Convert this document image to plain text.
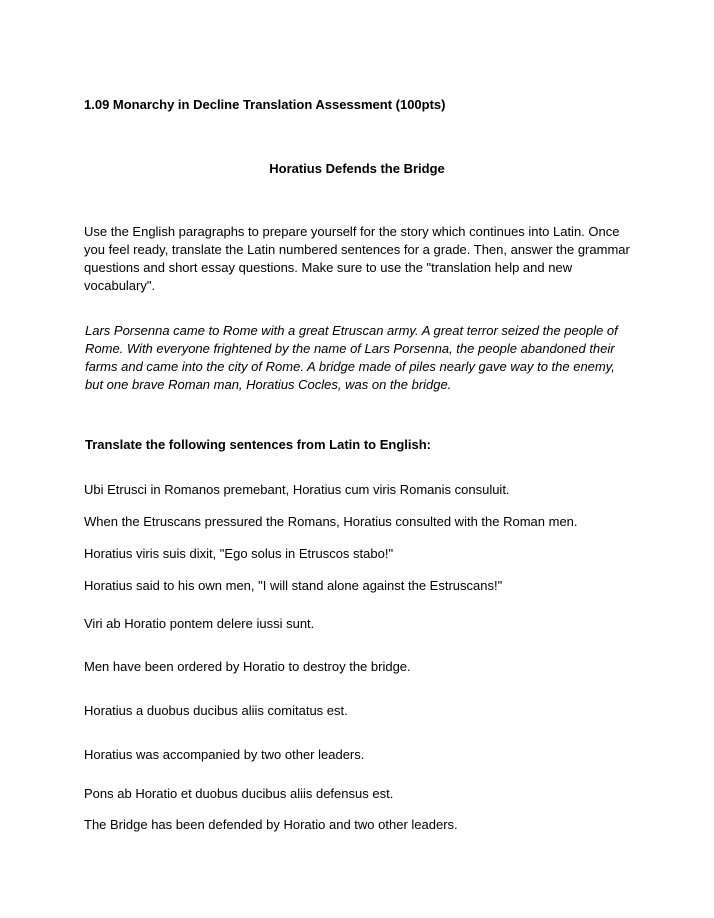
1.09 Monarchy in Decline Translation Assessment (100pts)

Horatius Defends the Bridge

Use the English paragraphs to prepare yourself for the story which continues into Latin. Once you feel ready, translate the Latin numbered sentences for a grade. Then, answer the grammar questions and short essay questions. Make sure to use the "translation help and new vocabulary".

Lars Porsenna came to Rome with a great Etruscan army. A great terror seized the people of Rome. With everyone frightened by the name of Lars Porsenna, the people abandoned their farms and came into the city of Rome. A bridge made of piles nearly gave way to the enemy, but one brave Roman man, Horatius Cocles, was on the bridge.

Translate the following sentences from Latin to English:

Ubi Etrusci in Romanos premebant, Horatius cum viris Romanis consuluit.

When the Etruscans pressured the Romans, Horatius consulted with the Roman men.

Horatius viris suis dixit, "Ego solus in Etruscos stabo!"

Horatius said to his own men, "I will stand alone against the Estruscans!"

Viri ab Horatio pontem delere iussi sunt.

Men have been ordered by Horatio to destroy the bridge.

Horatius a duobus ducibus aliis comitatus est.

Horatius was accompanied by two other leaders.

Pons ab Horatio et duobus ducibus aliis defensus est.

The Bridge has been defended by Horatio and two other leaders.
